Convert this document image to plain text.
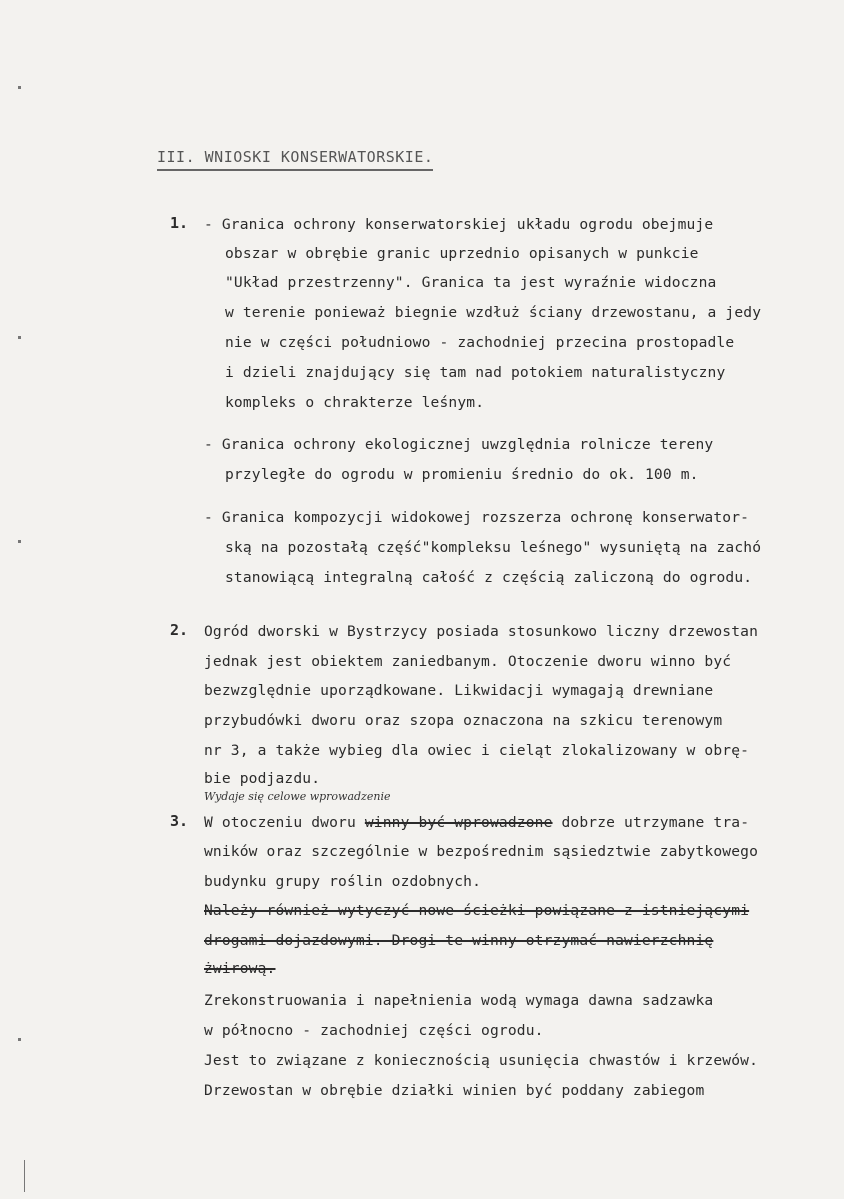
III. WNIOSKI KONSERWATORSKIE.
1. - Granica ochrony konserwatorskiej układu ogrodu obejmuje
obszar w obrębie granic uprzednio opisanych w punkcie
"Układ przestrzenny". Granica ta jest wyraźnie widoczna
w terenie ponieważ biegnie wzdłuż ściany drzewostanu, a jedy
nie w części południowo - zachodniej przecina prostopadle
i dzieli znajdujący się tam nad potokiem naturalistyczny
kompleks o chrakterze leśnym.
- Granica ochrony ekologicznej uwzględnia rolnicze tereny
przyległe do ogrodu w promieniu średnio do ok. 100 m.
- Granica kompozycji widokowej rozszerza ochronę konserwator-
ską na pozostałą część"kompleksu leśnego" wysuniętą na zachó
stanowiącą integralną całość z częścią zaliczoną do ogrodu.
2. Ogród dworski w Bystrzycy posiada stosunkowo liczny drzewostan
jednak jest obiektem zaniedbanym. Otoczenie dworu winno być
bezwzględnie uporządkowane. Likwidacji wymagają drewniane
przybudówki dworu oraz szopa oznaczona na szkicu terenowym
nr 3, a także wybieg dla owiec i cieląt zlokalizowany w obrę-
bie podjazdu.
Wydaje się celowe wprowadzenie
3. W otoczeniu dworu winny być wprowadzone dobrze utrzymane tra-
wników oraz szczególnie w bezpośrednim sąsiedztwie zabytkowego
budynku grupy roślin ozdobnych.
Należy również wytyczyć nowe ścieżki powiązane z istniejącymi
drogami dojazdowymi. Drogi te winny otrzymać nawierzchnię
żwirową.
Zrekonstruowania i napełnienia wodą wymaga dawna sadzawka
w północno - zachodniej części ogrodu.
Jest to związane z koniecznością usunięcia chwastów i krzewów.
Drzewostan w obrębie działki winien być poddany zabiegom
